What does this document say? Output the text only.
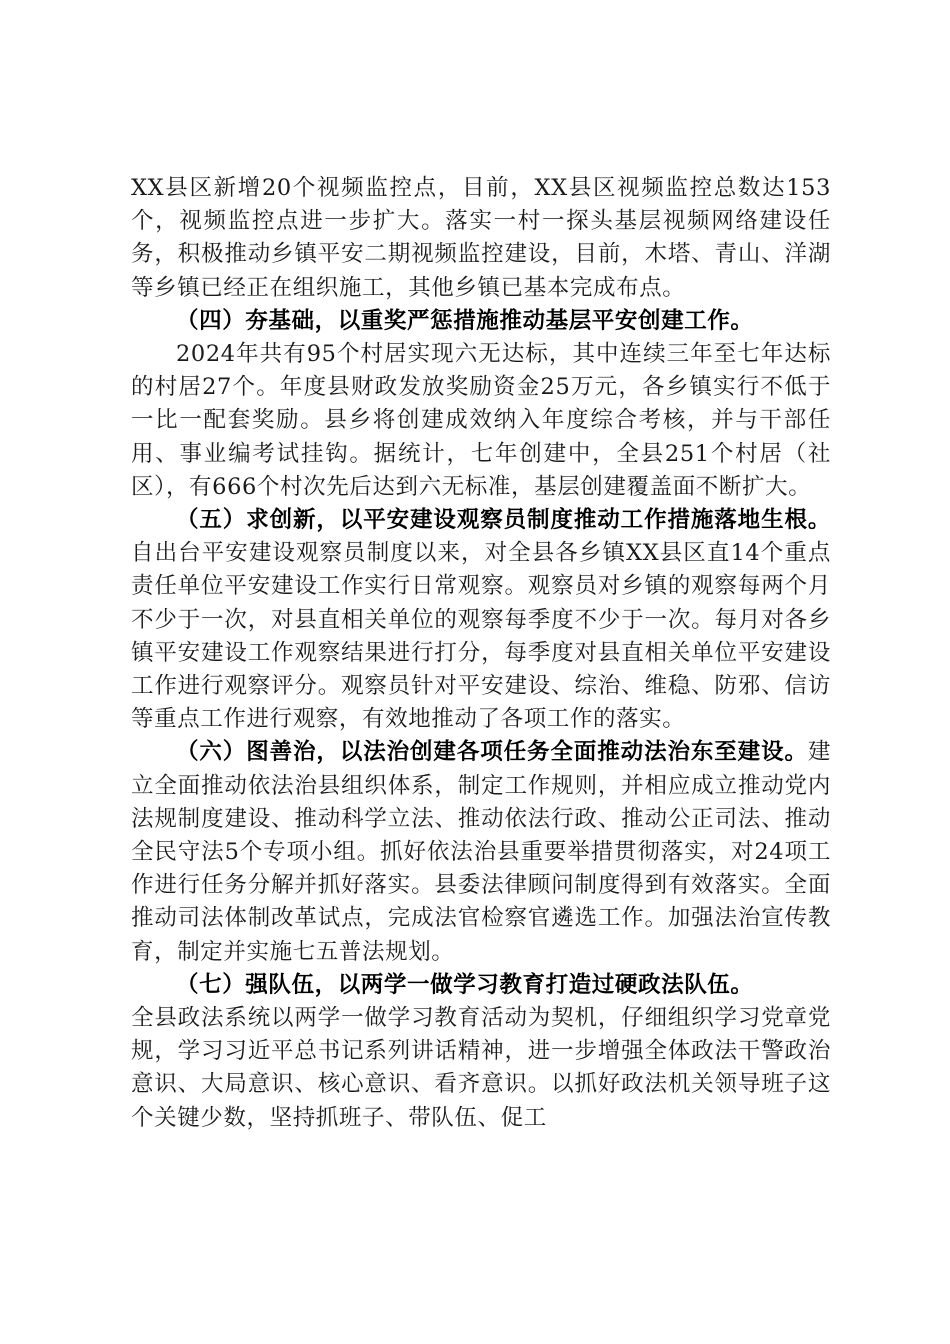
XX县区新增20个视频监控点，目前，XX县区视频监控总数达153个，视频监控点进一步扩大。落实一村一探头基层视频网络建设任务，积极推动乡镇平安二期视频监控建设，目前，木塔、青山、洋湖等乡镇已经正在组织施工，其他乡镇已基本完成布点。

（四）夯基础，以重奖严惩措施推动基层平安创建工作。

2024年共有95个村居实现六无达标，其中连续三年至七年达标的村居27个。年度县财政发放奖励资金25万元，各乡镇实行不低于一比一配套奖励。县乡将创建成效纳入年度综合考核，并与干部任用、事业编考试挂钩。据统计，七年创建中，全县251个村居（社区），有666个村次先后达到六无标准，基层创建覆盖面不断扩大。

（五）求创新，以平安建设观察员制度推动工作措施落地生根。自出台平安建设观察员制度以来，对全县各乡镇XX县区直14个重点责任单位平安建设工作实行日常观察。观察员对乡镇的观察每两个月不少于一次，对县直相关单位的观察每季度不少于一次。每月对各乡镇平安建设工作观察结果进行打分，每季度对县直相关单位平安建设工作进行观察评分。观察员针对平安建设、综治、维稳、防邪、信访等重点工作进行观察，有效地推动了各项工作的落实。

（六）图善治，以法治创建各项任务全面推动法治东至建设。建立全面推动依法治县组织体系，制定工作规则，并相应成立推动党内法规制度建设、推动科学立法、推动依法行政、推动公正司法、推动全民守法5个专项小组。抓好依法治县重要举措贯彻落实，对24项工作进行任务分解并抓好落实。县委法律顾问制度得到有效落实。全面推动司法体制改革试点，完成法官检察官遴选工作。加强法治宣传教育，制定并实施七五普法规划。

（七）强队伍，以两学一做学习教育打造过硬政法队伍。

全县政法系统以两学一做学习教育活动为契机，仔细组织学习党章党规，学习习近平总书记系列讲话精神，进一步增强全体政法干警政治意识、大局意识、核心意识、看齐意识。以抓好政法机关领导班子这个关键少数，坚持抓班子、带队伍、促工
